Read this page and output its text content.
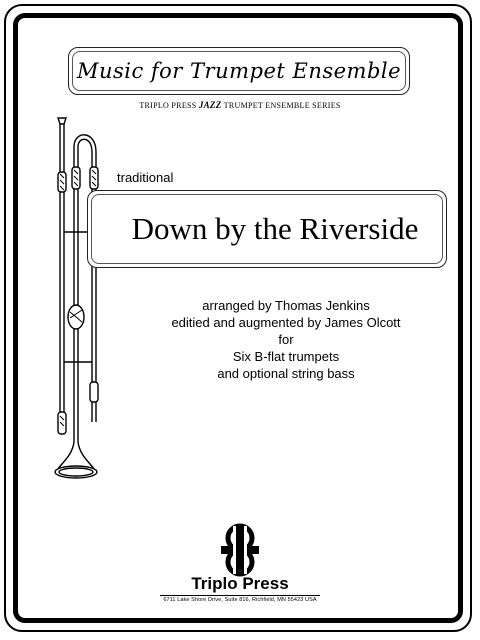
Music for Trumpet Ensemble
TRIPLO PRESS JAZZ TRUMPET ENSEMBLE SERIES
traditional
Down by the Riverside
arranged by Thomas Jenkins
editied and augmented by James Olcott
for
Six B-flat trumpets
and optional string bass
Triplo Press
6711 Lake Shore Drive, Suite 816, Richfield, MN 55423 USA
